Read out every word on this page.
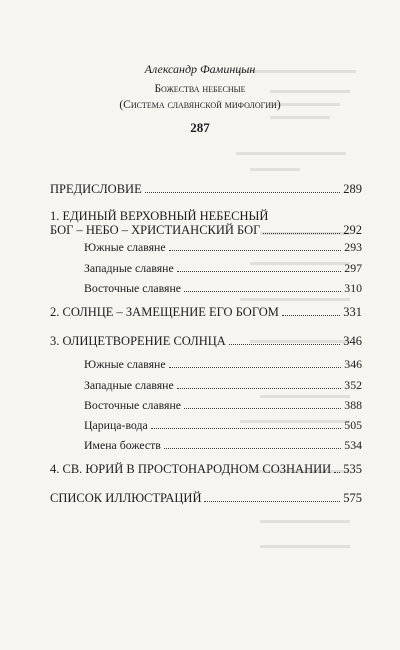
Александр Фаминцын
Божества небесные
(Система славянской мифологии)
287
ПРЕДИСЛОВИЕ	289
1. ЕДИНЫЙ ВЕРХОВНЫЙ НЕБЕСНЫЙ
БОГ – НЕБО – ХРИСТИАНСКИЙ БОГ	292
Южные славяне	293
Западные славяне	297
Восточные славяне	310
2. СОЛНЦЕ – ЗАМЕЩЕНИЕ ЕГО БОГОМ	331
3. ОЛИЦЕТВОРЕНИЕ СОЛНЦА	346
Южные славяне	346
Западные славяне	352
Восточные славяне	388
Царица-вода	505
Имена божеств	534
4. СВ. ЮРИЙ В ПРОСТОНАРОДНОМ СОЗНАНИИ 535
СПИСОК ИЛЛЮСТРАЦИЙ	575
